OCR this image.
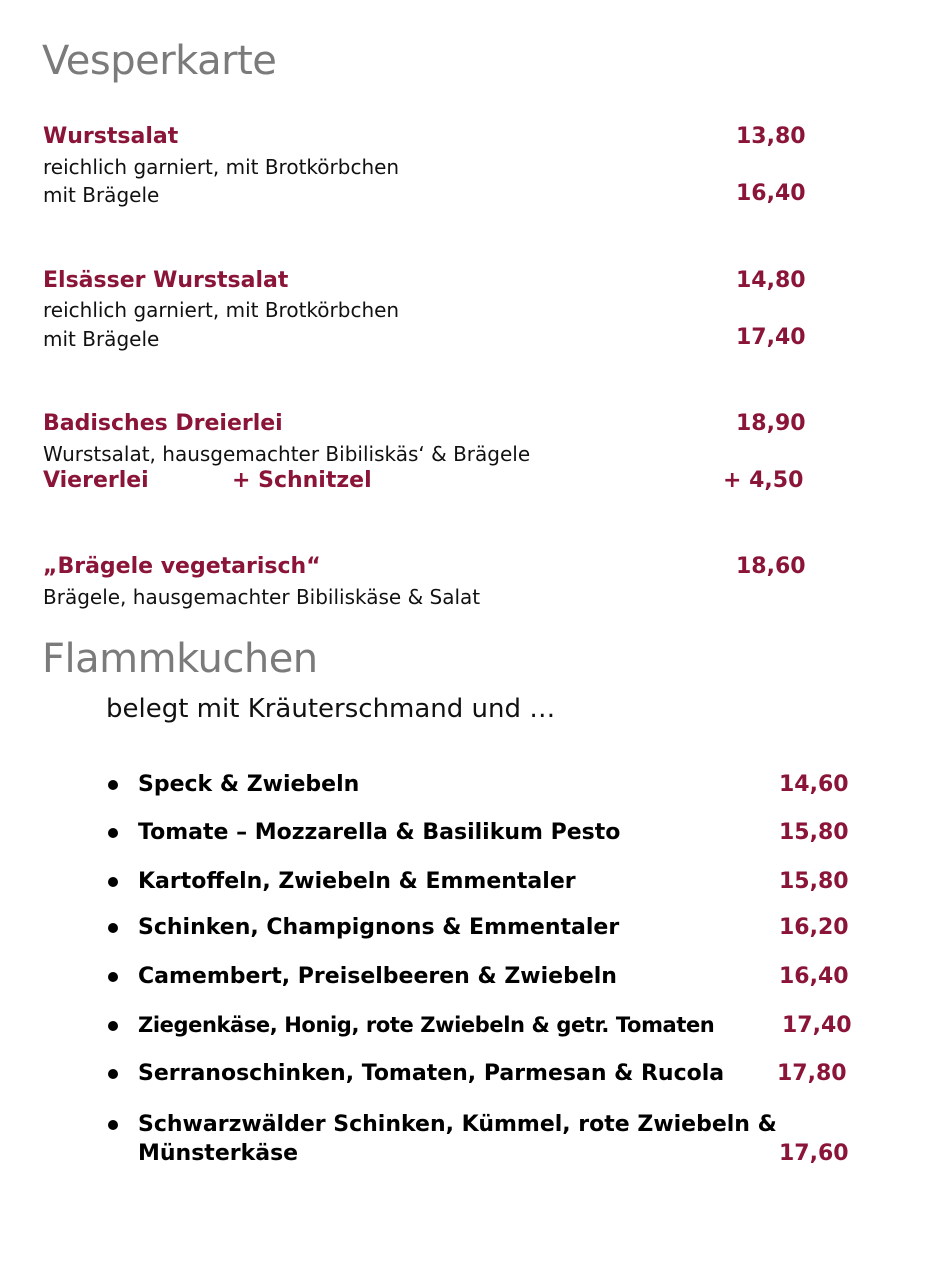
Vesperkarte
Wurstsalat	13,80
reichlich garniert, mit Brotkörbchen
mit Brägele	16,40
Elsässer Wurstsalat	14,80
reichlich garniert, mit Brotkörbchen
mit Brägele	17,40
Badisches Dreierlei	18,90
Wurstsalat, hausgemachter Bibiliskäs‘ & Brägele
Viererlei	+ Schnitzel	+ 4,50
„Brägele vegetarisch“	18,60
Brägele, hausgemachter Bibiliskäse & Salat
Flammkuchen
belegt mit Kräuterschmand und …
Speck & Zwiebeln	14,60
Tomate – Mozzarella & Basilikum Pesto	15,80
Kartoffeln, Zwiebeln & Emmentaler	15,80
Schinken, Champignons & Emmentaler	16,20
Camembert, Preiselbeeren & Zwiebeln	16,40
Ziegenkäse, Honig, rote Zwiebeln & getr. Tomaten	17,40
Serranoschinken, Tomaten, Parmesan & Rucola 17,80
Schwarzwälder Schinken, Kümmel, rote Zwiebeln &
Münsterkäse	17,60
